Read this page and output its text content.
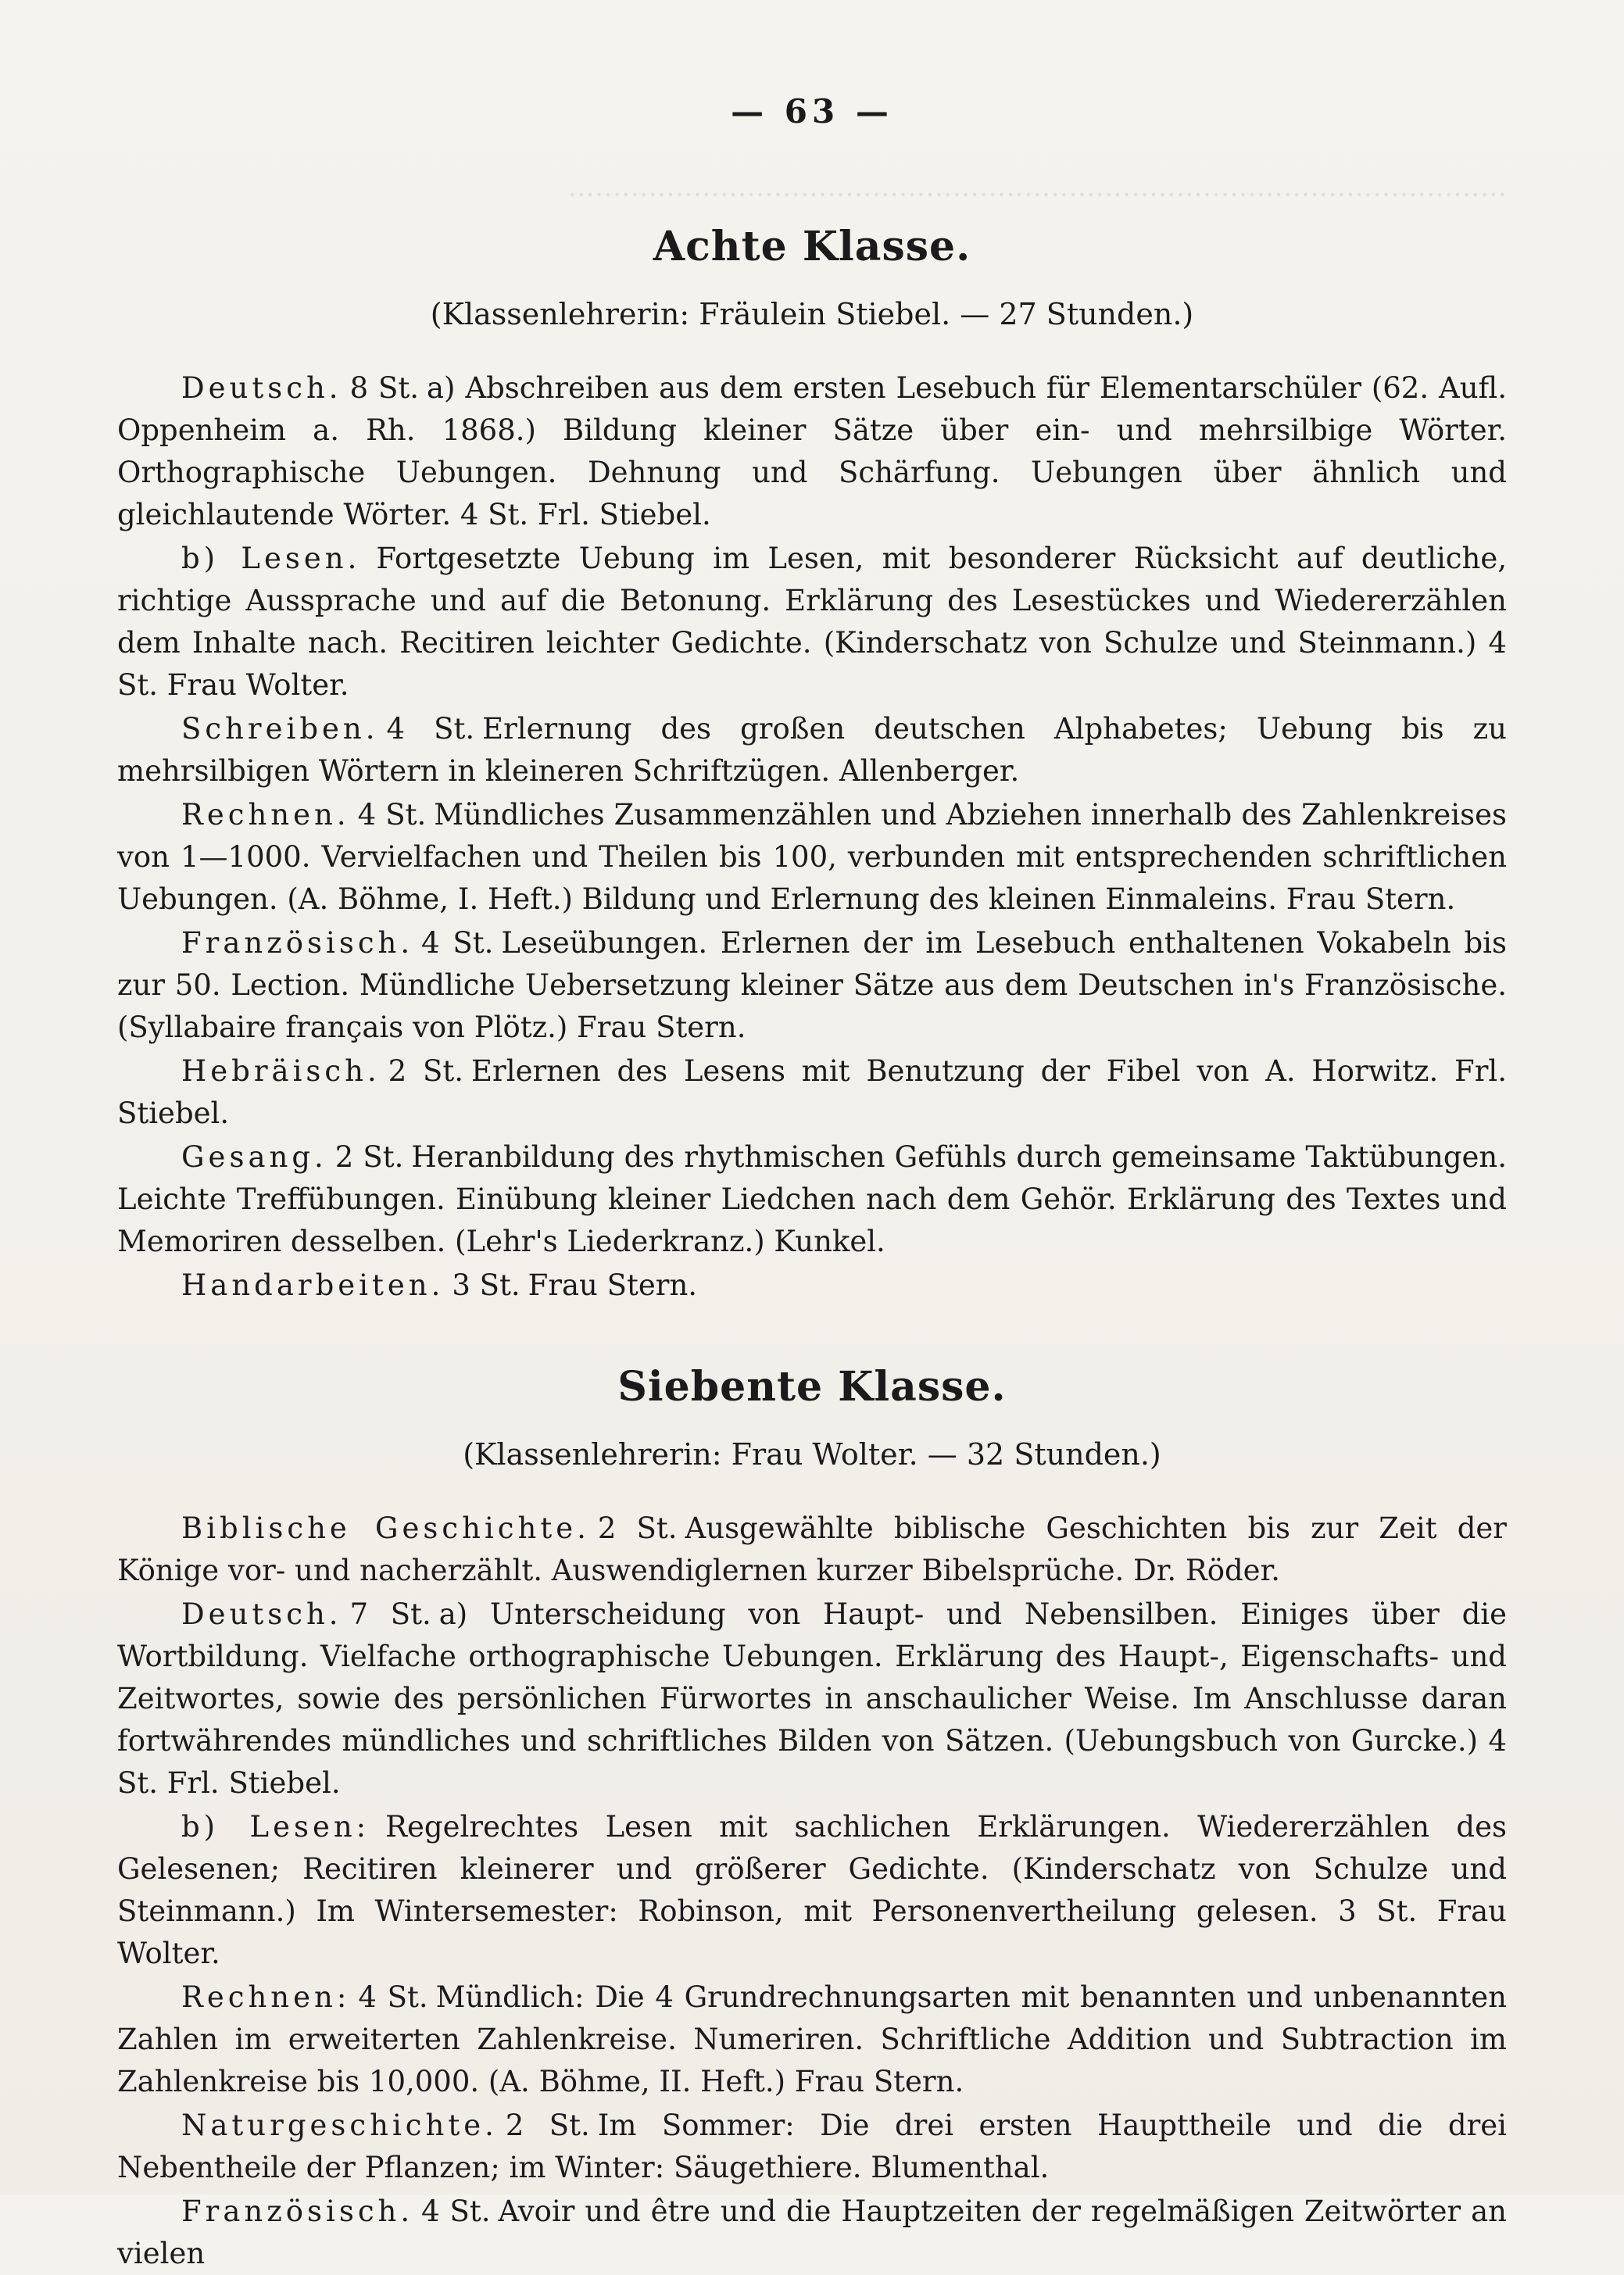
.........................................................................................................
— 63 —
Achte Klasse.
(Klassenlehrerin: Fräulein Stiebel. — 27 Stunden.)

Deutsch. 8 St. a) Abschreiben aus dem ersten Lesebuch für Elementarschüler (62. Aufl. Oppenheim a. Rh. 1868.) Bildung kleiner Sätze über ein- und mehrsilbige Wörter. Orthographische Uebungen. Dehnung und Schärfung. Uebungen über ähnlich und gleichlautende Wörter. 4 St. Frl. Stiebel.

b) Lesen. Fortgesetzte Uebung im Lesen, mit besonderer Rücksicht auf deutliche, richtige Aussprache und auf die Betonung. Erklärung des Lesestückes und Wiedererzählen dem Inhalte nach. Recitiren leichter Gedichte. (Kinderschatz von Schulze und Steinmann.) 4 St. Frau Wolter.

Schreiben. 4 St. Erlernung des großen deutschen Alphabetes; Uebung bis zu mehrsilbigen Wörtern in kleineren Schriftzügen. Allenberger.

Rechnen. 4 St. Mündliches Zusammenzählen und Abziehen innerhalb des Zahlenkreises von 1—1000. Vervielfachen und Theilen bis 100, verbunden mit entsprechenden schriftlichen Uebungen. (A. Böhme, I. Heft.) Bildung und Erlernung des kleinen Einmaleins. Frau Stern.

Französisch. 4 St. Leseübungen. Erlernen der im Lesebuch enthaltenen Vokabeln bis zur 50. Lection. Mündliche Uebersetzung kleiner Sätze aus dem Deutschen in's Französische. (Syllabaire français von Plötz.) Frau Stern.

Hebräisch. 2 St. Erlernen des Lesens mit Benutzung der Fibel von A. Horwitz. Frl. Stiebel.

Gesang. 2 St. Heranbildung des rhythmischen Gefühls durch gemeinsame Taktübungen. Leichte Treffübungen. Einübung kleiner Liedchen nach dem Gehör. Erklärung des Textes und Memoriren desselben. (Lehr's Liederkranz.) Kunkel.

Handarbeiten. 3 St. Frau Stern.

Siebente Klasse.
(Klassenlehrerin: Frau Wolter. — 32 Stunden.)

Biblische Geschichte. 2 St. Ausgewählte biblische Geschichten bis zur Zeit der Könige vor- und nacherzählt. Auswendiglernen kurzer Bibelsprüche. Dr. Röder.

Deutsch. 7 St. a) Unterscheidung von Haupt- und Nebensilben. Einiges über die Wortbildung. Vielfache orthographische Uebungen. Erklärung des Haupt-, Eigenschafts- und Zeitwortes, sowie des persönlichen Fürwortes in anschaulicher Weise. Im Anschlusse daran fortwährendes mündliches und schriftliches Bilden von Sätzen. (Uebungsbuch von Gurcke.) 4 St. Frl. Stiebel.

b) Lesen: Regelrechtes Lesen mit sachlichen Erklärungen. Wiedererzählen des Gelesenen; Recitiren kleinerer und größerer Gedichte. (Kinderschatz von Schulze und Steinmann.) Im Wintersemester: Robinson, mit Personenvertheilung gelesen. 3 St. Frau Wolter.

Rechnen: 4 St. Mündlich: Die 4 Grundrechnungsarten mit benannten und unbenannten Zahlen im erweiterten Zahlenkreise. Numeriren. Schriftliche Addition und Subtraction im Zahlenkreise bis 10,000. (A. Böhme, II. Heft.) Frau Stern.

Naturgeschichte. 2 St. Im Sommer: Die drei ersten Haupttheile und die drei Nebentheile der Pflanzen; im Winter: Säugethiere. Blumenthal.

Französisch. 4 St. Avoir und être und die Hauptzeiten der regelmäßigen Zeitwörter an vielen
